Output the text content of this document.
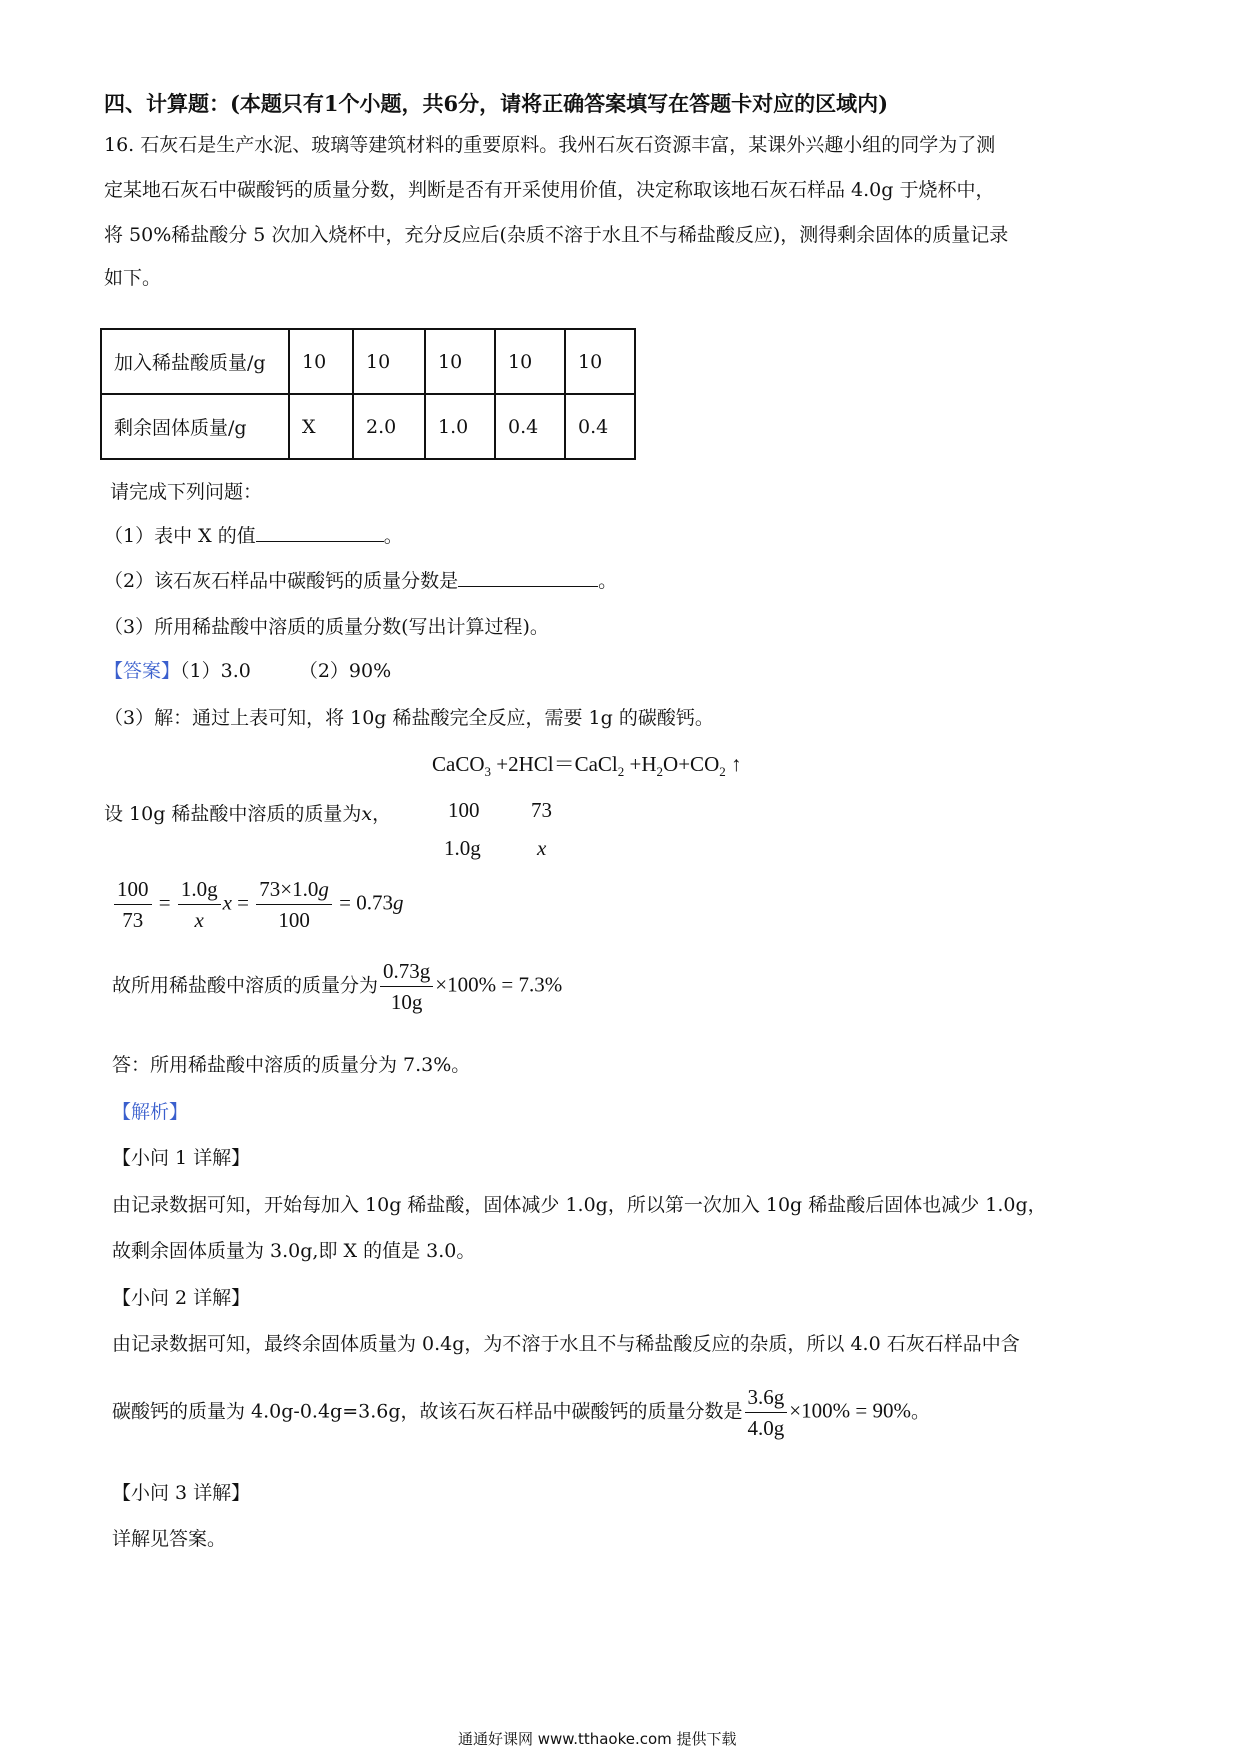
四、计算题：(本题只有1个小题，共6分，请将正确答案填写在答题卡对应的区域内)
16. 石灰石是生产水泥、玻璃等建筑材料的重要原料。我州石灰石资源丰富，某课外兴趣小组的同学为了测
定某地石灰石中碳酸钙的质量分数，判断是否有开采使用价值，决定称取该地石灰石样品 4.0g 于烧杯中，
将 50%稀盐酸分 5 次加入烧杯中，充分反应后(杂质不溶于水且不与稀盐酸反应)，测得剩余固体的质量记录
如下。
加入稀盐酸质量/g	10	10	10	10	10
剩余固体质量/g	X	2.0	1.0	0.4	0.4
请完成下列问题：
（1）表中 X 的值	。
（2）该石灰石样品中碳酸钙的质量分数是	。
（3）所用稀盐酸中溶质的质量分数(写出计算过程)。
【答案】（1）3.0	（2）90%
（3）解：通过上表可知，将 10g 稀盐酸完全反应，需要 1g 的碳酸钙。
CaCO$_3$ +2HCl＝CaCl$_2$ $+H_2O+CO_2$ ↑
设 10g 稀盐酸中溶质的质量为x，	100 73
1.0g	x
$\frac{100}{73} = \frac{1.0g}{x}$ $x = \frac{73\times 1.0g}{100} = 0.73g$
故所用稀盐酸中溶质的质量分为 $\frac{0.73g}{10g} \times 100\% = 7.3\%$
答：所用稀盐酸中溶质的质量分为 7.3%。
【解析】
【小问 1 详解】
由记录数据可知，开始每加入 10g 稀盐酸，固体减少 1.0g，所以第一次加入 10g 稀盐酸后固体也减少 1.0g，
故剩余固体质量为 3.0g,即 X 的值是 3.0。
【小问 2 详解】
由记录数据可知，最终余固体质量为 0.4g，为不溶于水且不与稀盐酸反应的杂质，所以 4.0 石灰石样品中含
碳酸钙的质量为 4.0g-0.4g=3.6g，故该石灰石样品中碳酸钙的质量分数是 $\frac{3.6g}{4.0g} \times 100\% = 90\%$。
【小问 3 详解】
详解见答案。
通通好课网 www.tthaoke.com 提供下载
